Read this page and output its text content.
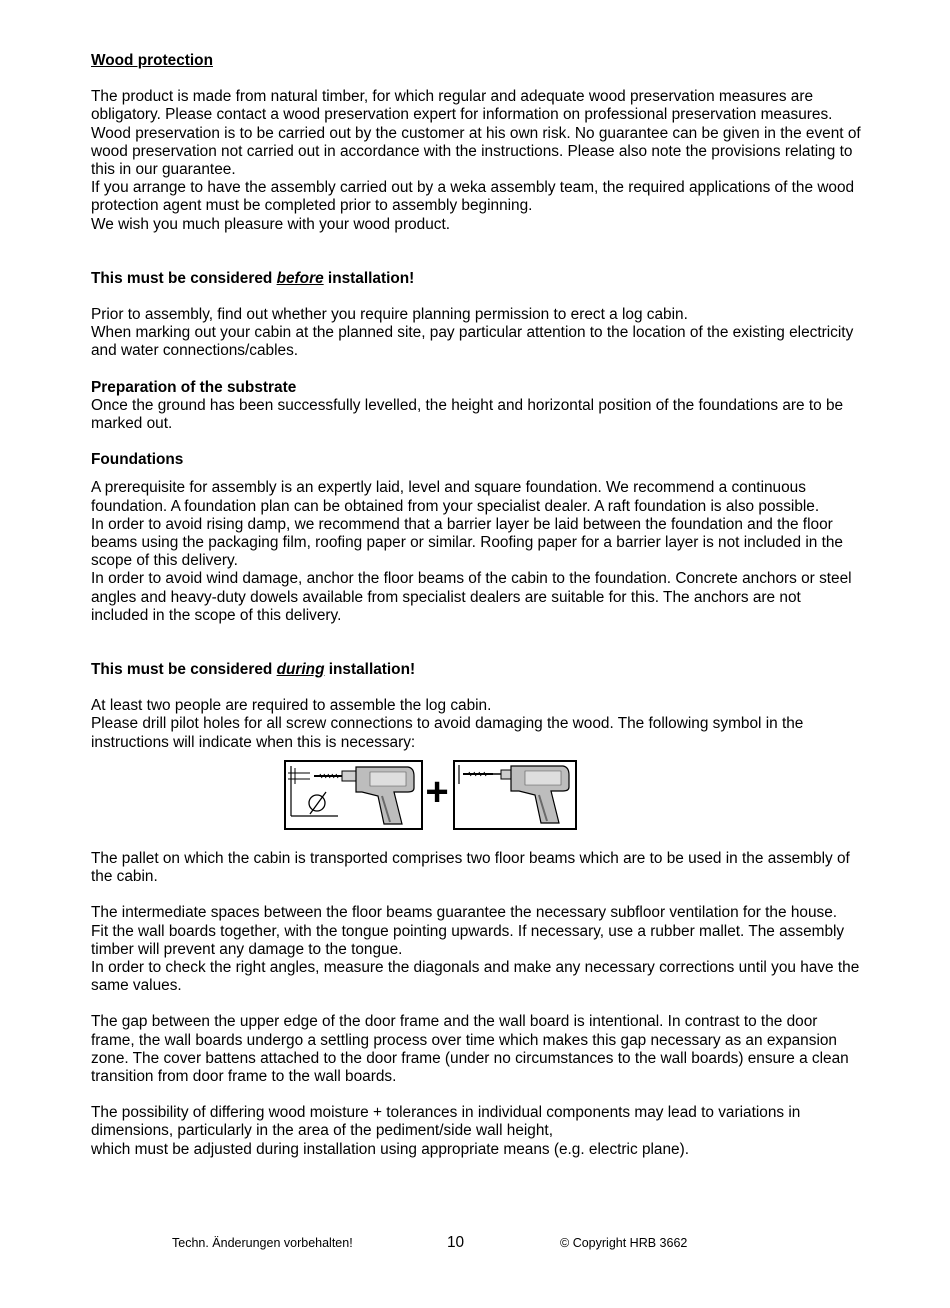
Wood protection

The product is made from natural timber, for which regular and adequate wood preservation measures are obligatory. Please contact a wood preservation expert for information on professional preservation measures.

Wood preservation is to be carried out by the customer at his own risk. No guarantee can be given in the event of wood preservation not carried out in accordance with the instructions. Please also note the provisions relating to this in our guarantee.

If you arrange to have the assembly carried out by a weka assembly team, the required applications of the wood protection agent must be completed prior to assembly beginning.

We wish you much pleasure with your wood product.

This must be considered before installation!

Prior to assembly, find out whether you require planning permission to erect a log cabin.

When marking out your cabin at the planned site, pay particular attention to the location of the existing electricity and water connections/cables.

Preparation of the substrate

Once the ground has been successfully levelled, the height and horizontal position of the foundations are to be marked out.

Foundations

A prerequisite for assembly is an expertly laid, level and square foundation. We recommend a continuous foundation. A foundation plan can be obtained from your specialist dealer. A raft foundation is also possible.

In order to avoid rising damp, we recommend that a barrier layer be laid between the foundation and the floor beams using the packaging film, roofing paper or similar. Roofing paper for a barrier layer is not included in the scope of this delivery.

In order to avoid wind damage, anchor the floor beams of the cabin to the foundation. Concrete anchors or steel angles and heavy-duty dowels available from specialist dealers are suitable for this. The anchors are not included in the scope of this delivery.

This must be considered during installation!

At least two people are required to assemble the log cabin.

Please drill pilot holes for all screw connections to avoid damaging the wood. The following symbol in the instructions will indicate when this is necessary:

+

The pallet on which the cabin is transported comprises two floor beams which are to be used in the assembly of the cabin.

The intermediate spaces between the floor beams guarantee the necessary subfloor ventilation for the house.

Fit the wall boards together, with the tongue pointing upwards. If necessary, use a rubber mallet. The assembly timber will prevent any damage to the tongue.

In order to check the right angles, measure the diagonals and make any necessary corrections until you have the same values.

The gap between the upper edge of the door frame and the wall board is intentional. In contrast to the door frame, the wall boards undergo a settling process over time which makes this gap necessary as an expansion zone. The cover battens attached to the door frame (under no circumstances to the wall boards) ensure a clean transition from door frame to the wall boards.

The possibility of differing wood moisture + tolerances in individual components may lead to variations in dimensions, particularly in the area of the pediment/side wall height,

which must be adjusted during installation using appropriate means (e.g. electric plane).

Techn. Änderungen vorbehalten!	10	© Copyright HRB 3662
